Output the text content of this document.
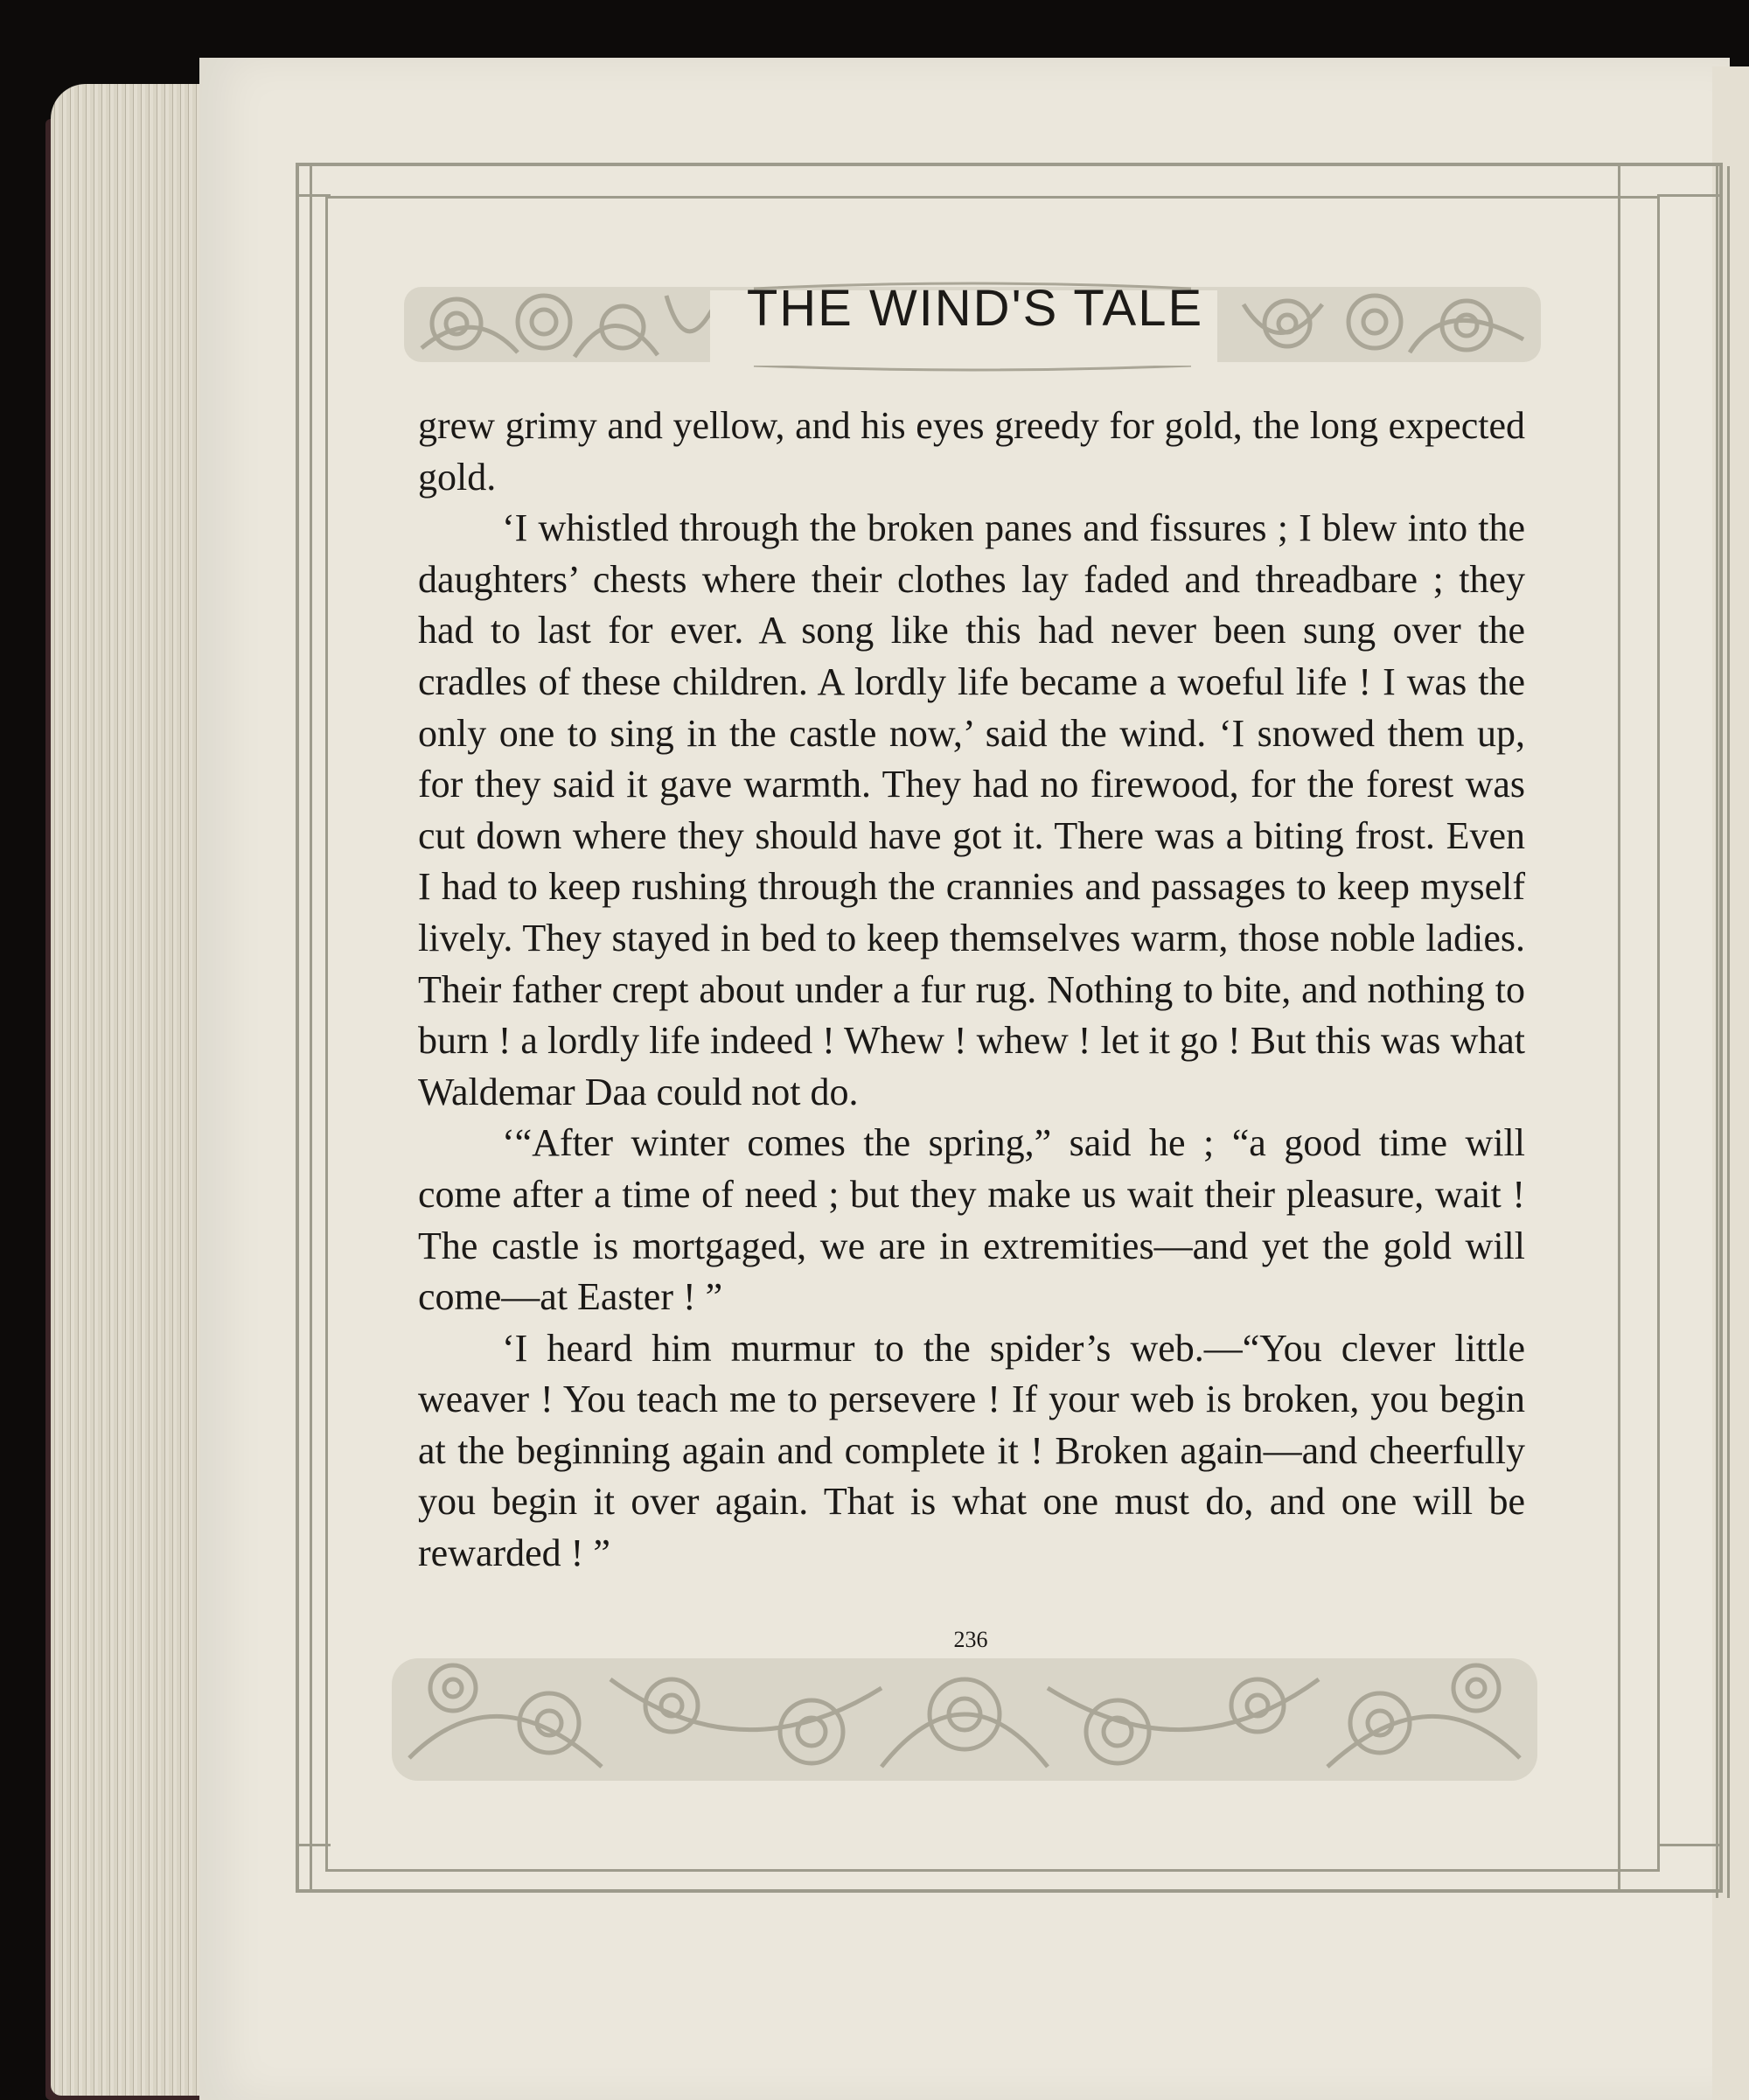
THE WIND'S TALE

grew grimy and yellow, and his eyes greedy for gold, the long expected gold.

‘I whistled through the broken panes and fissures ; I blew into the daughters’ chests where their clothes lay faded and threadbare ; they had to last for ever. A song like this had never been sung over the cradles of these children. A lordly life became a woeful life ! I was the only one to sing in the castle now,’ said the wind. ‘I snowed them up, for they said it gave warmth. They had no firewood, for the forest was cut down where they should have got it. There was a biting frost. Even I had to keep rushing through the crannies and passages to keep myself lively. They stayed in bed to keep themselves warm, those noble ladies. Their father crept about under a fur rug. Nothing to bite, and nothing to burn ! a lordly life indeed ! Whew ! whew ! let it go ! But this was what Waldemar Daa could not do.

‘“After winter comes the spring,” said he ; “a good time will come after a time of need ; but they make us wait their pleasure, wait ! The castle is mortgaged, we are in extremities—and yet the gold will come—at Easter ! ”

‘I heard him murmur to the spider’s web.—“You clever little weaver ! You teach me to persevere ! If your web is broken, you begin at the beginning again and complete it ! Broken again—and cheerfully you begin it over again. That is what one must do, and one will be rewarded ! ”

236
